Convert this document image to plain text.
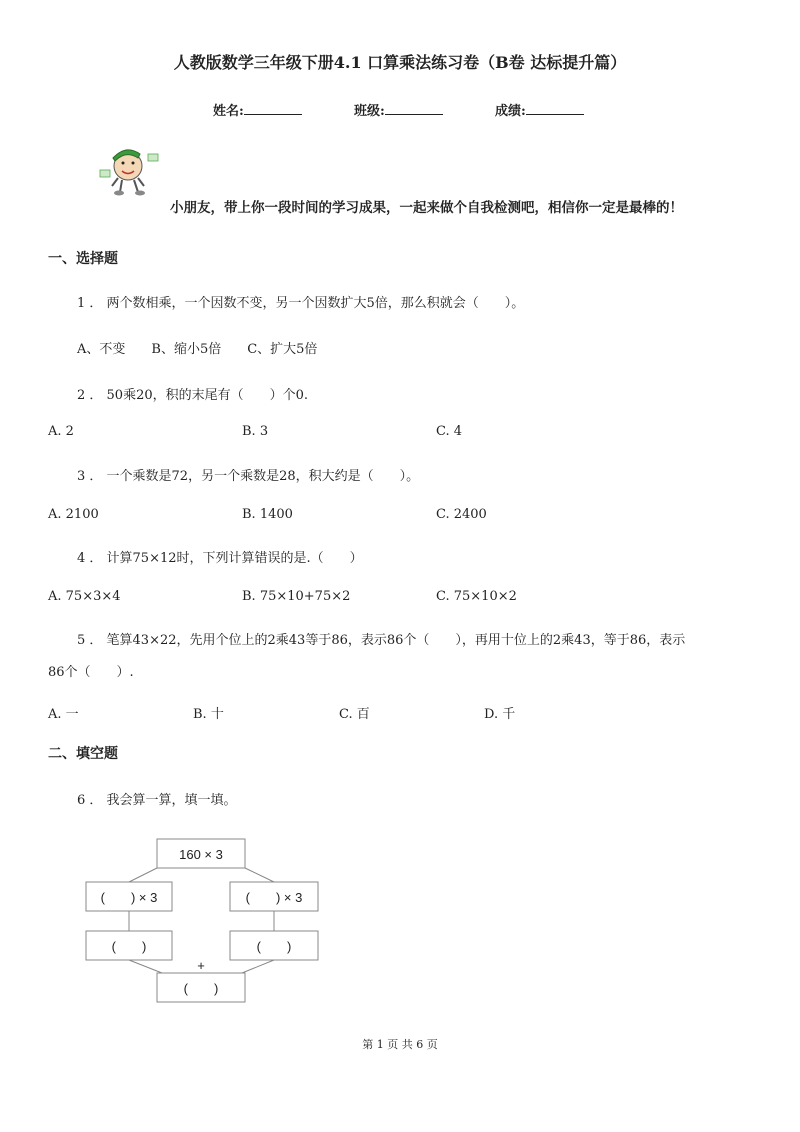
人教版数学三年级下册4.1 口算乘法练习卷（B卷 达标提升篇）
姓名:	班级:	成绩:
小朋友，带上你一段时间的学习成果，一起来做个自我检测吧，相信你一定是最棒的！
一、选择题
1 ． 两个数相乘，一个因数不变，另一个因数扩大5倍，那么积就会（　　）。
A、不变　　B、缩小5倍　　C、扩大5倍
2 ． 50乘20，积的末尾有（　　）个0.
A. 2	B. 3	C. 4
3 ． 一个乘数是72，另一个乘数是28，积大约是（　　）。
A. 2100	B. 1400	C. 2400
4 ． 计算75×12时，下列计算错误的是.（　　）
A. 75×3×4	B. 75×10+75×2	C. 75×10×2
5 ． 笔算43×22，先用个位上的2乘43等于86，表示86个（　　），再用十位上的2乘43，等于86，表示
86个（　　）.
A. 一	B. 十	C. 百	D. 千
二、填空题
6 ． 我会算一算，填一填。
160 × 3
(　　) × 3	(　　) × 3
(　　)	(　　)
+
(　　)
第 1 页 共 6 页
